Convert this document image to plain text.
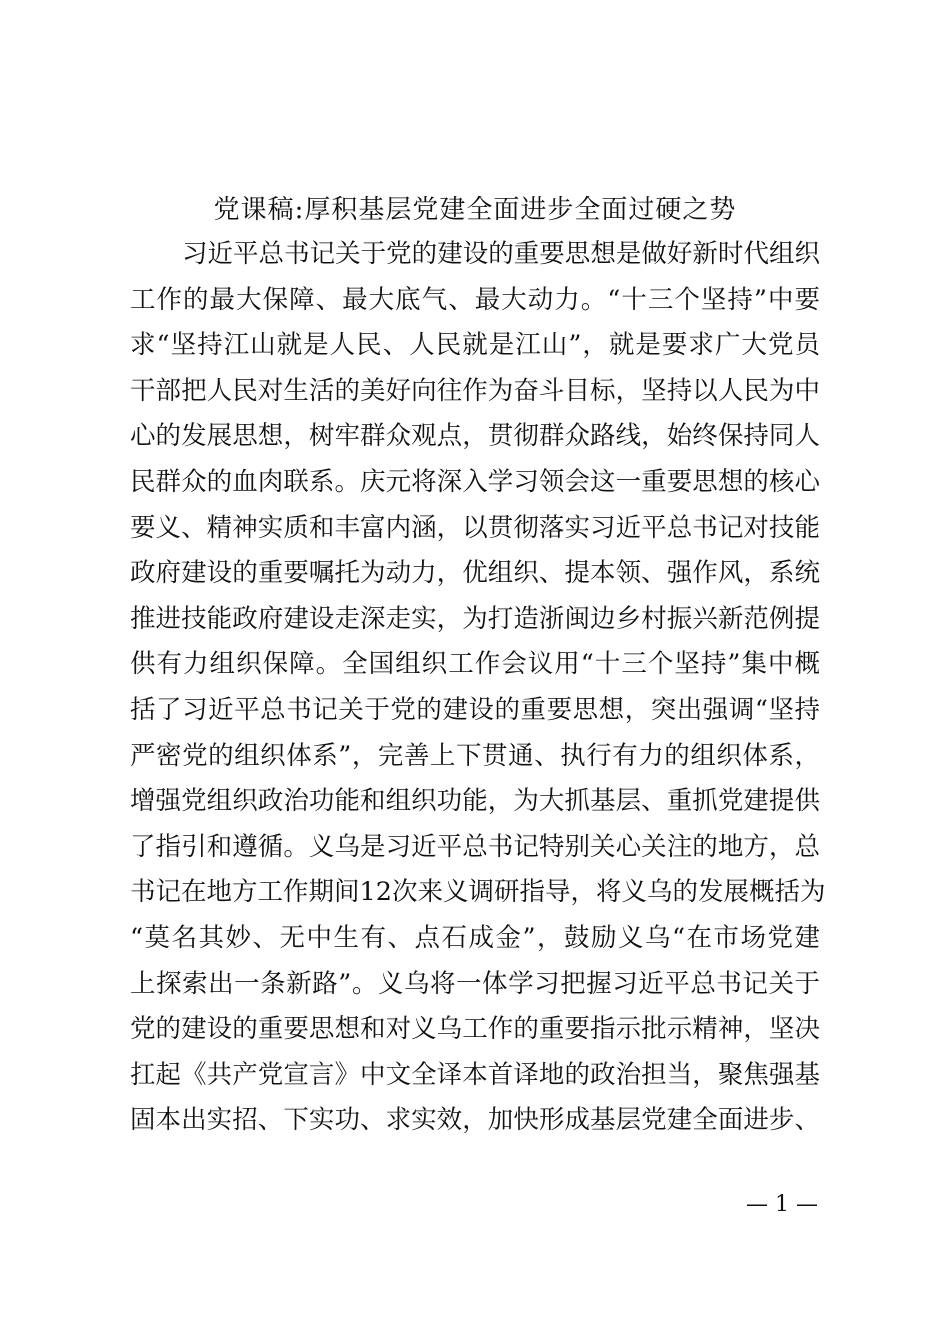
党课稿:厚积基层党建全面进步全面过硬之势
习近平总书记关于党的建设的重要思想是做好新时代组织
工作的最大保障、最大底气、最大动力。“十三个坚持”中要
求“坚持江山就是人民、人民就是江山”，就是要求广大党员
干部把人民对生活的美好向往作为奋斗目标，坚持以人民为中
心的发展思想，树牢群众观点，贯彻群众路线，始终保持同人
民群众的血肉联系。庆元将深入学习领会这一重要思想的核心
要义、精神实质和丰富内涵，以贯彻落实习近平总书记对技能
政府建设的重要嘱托为动力，优组织、提本领、强作风，系统
推进技能政府建设走深走实，为打造浙闽边乡村振兴新范例提
供有力组织保障。全国组织工作会议用“十三个坚持”集中概
括了习近平总书记关于党的建设的重要思想，突出强调“坚持
严密党的组织体系”，完善上下贯通、执行有力的组织体系，
增强党组织政治功能和组织功能，为大抓基层、重抓党建提供
了指引和遵循。义乌是习近平总书记特别关心关注的地方，总
书记在地方工作期间12次来义调研指导，将义乌的发展概括为
“莫名其妙、无中生有、点石成金”，鼓励义乌“在市场党建
上探索出一条新路”。义乌将一体学习把握习近平总书记关于
党的建设的重要思想和对义乌工作的重要指示批示精神，坚决
扛起《共产党宣言》中文全译本首译地的政治担当，聚焦强基
固本出实招、下实功、求实效，加快形成基层党建全面进步、
— 1 —
